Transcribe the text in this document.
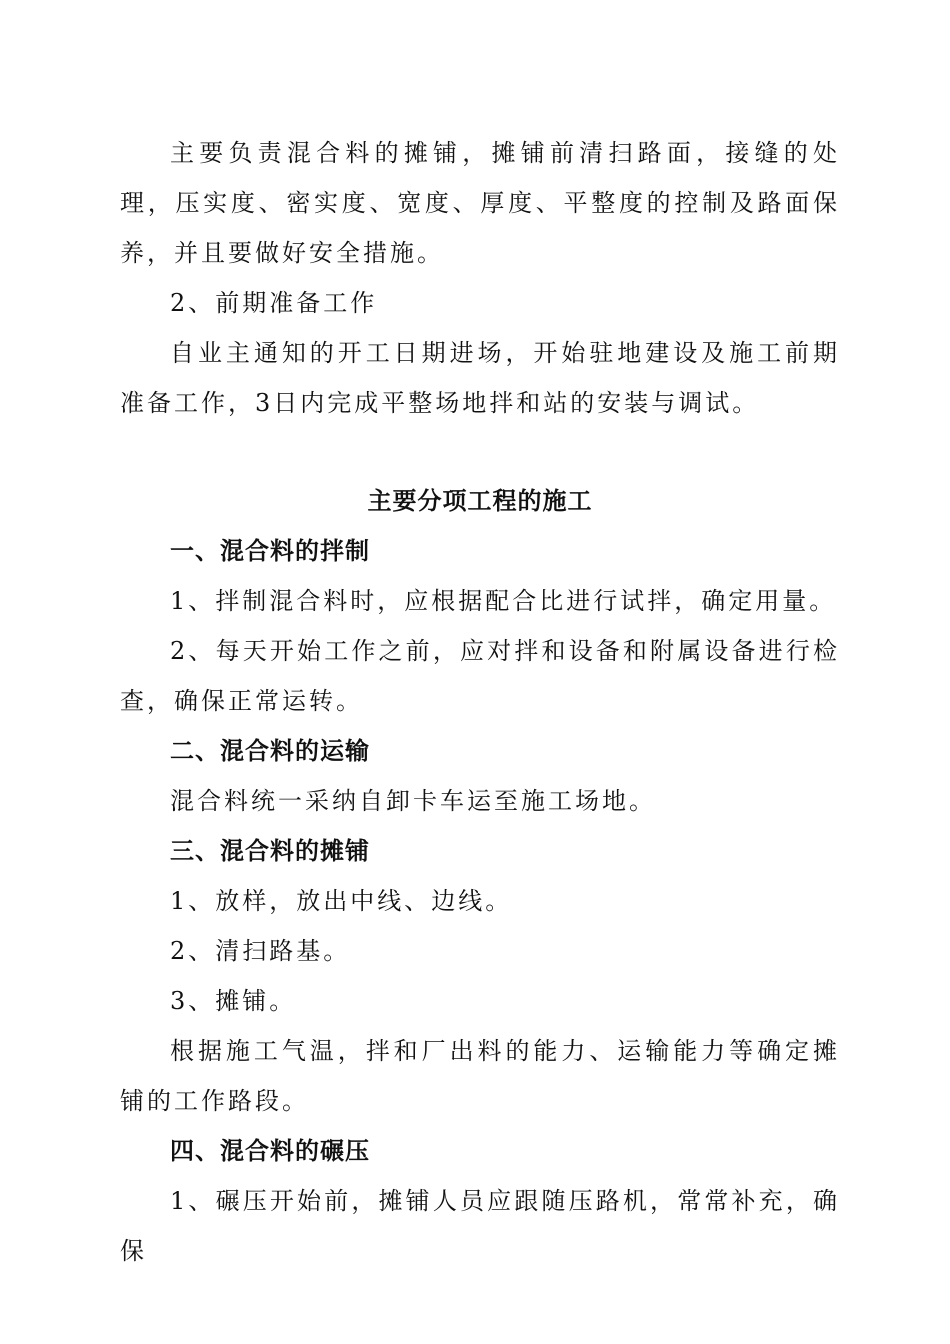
主要负责混合料的摊铺，摊铺前清扫路面，接缝的处理，压实度、密实度、宽度、厚度、平整度的控制及路面保养，并且要做好安全措施。

2、前期准备工作

自业主通知的开工日期进场，开始驻地建设及施工前期准备工作，3日内完成平整场地拌和站的安装与调试。

主要分项工程的施工

一、混合料的拌制

1、拌制混合料时，应根据配合比进行试拌，确定用量。

2、每天开始工作之前，应对拌和设备和附属设备进行检查，确保正常运转。

二、混合料的运输

混合料统一采纳自卸卡车运至施工场地。

三、混合料的摊铺

1、放样，放出中线、边线。

2、清扫路基。

3、摊铺。

根据施工气温，拌和厂出料的能力、运输能力等确定摊铺的工作路段。

四、混合料的碾压

1、碾压开始前，摊铺人员应跟随压路机，常常补充，确保
